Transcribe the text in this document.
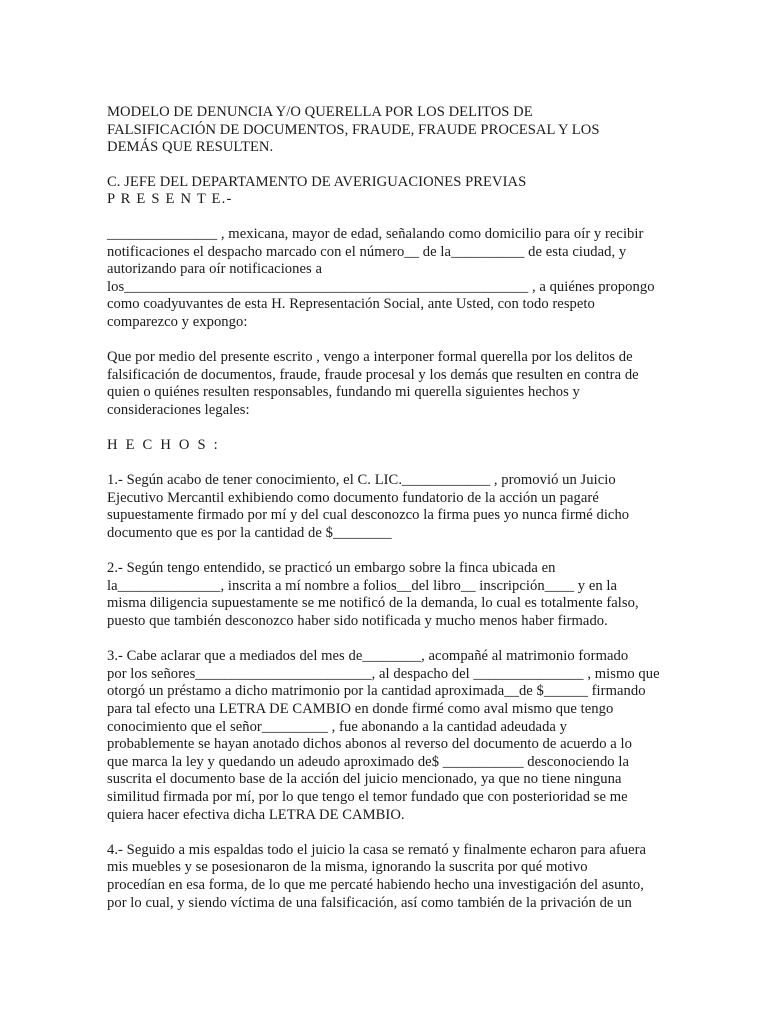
MODELO DE DENUNCIA Y/O QUERELLA POR LOS DELITOS DE
FALSIFICACIÓN DE DOCUMENTOS, FRAUDE, FRAUDE PROCESAL Y LOS
DEMÁS QUE RESULTEN.
C. JEFE DEL DEPARTAMENTO DE AVERIGUACIONES PREVIAS
P R E S E N T E.-
_______________ , mexicana, mayor de edad, señalando como domicilio para oír y recibir
notificaciones el despacho marcado con el número__ de la__________ de esta ciudad, y
autorizando para oír notificaciones a
los_______________________________________________________ , a quiénes propongo
como coadyuvantes de esta H. Representación Social, ante Usted, con todo respeto
comparezco y expongo:
Que por medio del presente escrito , vengo a interponer formal querella por los delitos de
falsificación de documentos, fraude, fraude procesal y los demás que resulten en contra de
quien o quiénes resulten responsables, fundando mi querella siguientes hechos y
consideraciones legales:
H E C H O S :
1.- Según acabo de tener conocimiento, el C. LIC.____________ , promovió un Juicio
Ejecutivo Mercantil exhibiendo como documento fundatorio de la acción un pagaré
supuestamente firmado por mí y del cual desconozco la firma pues yo nunca firmé dicho
documento que es por la cantidad de $________
2.- Según tengo entendido, se practicó un embargo sobre la finca ubicada en
la______________, inscrita a mí nombre a folios__del libro__ inscripción____ y en la
misma diligencia supuestamente se me notificó de la demanda, lo cual es totalmente falso,
puesto que también desconozco haber sido notificada y mucho menos haber firmado.
3.- Cabe aclarar que a mediados del mes de________, acompañé al matrimonio formado
por los señores________________________, al despacho del _______________ , mismo que
otorgó un préstamo a dicho matrimonio por la cantidad aproximada__de $______ firmando
para tal efecto una LETRA DE CAMBIO en donde firmé como aval mismo que tengo
conocimiento que el señor_________ , fue abonando a la cantidad adeudada y
probablemente se hayan anotado dichos abonos al reverso del documento de acuerdo a lo
que marca la ley y quedando un adeudo aproximado de$ ___________ desconociendo la
suscrita el documento base de la acción del juicio mencionado, ya que no tiene ninguna
similitud firmada por mí, por lo que tengo el temor fundado que con posterioridad se me
quiera hacer efectiva dicha LETRA DE CAMBIO.
4.- Seguido a mis espaldas todo el juicio la casa se remató y finalmente echaron para afuera
mis muebles y se posesionaron de la misma, ignorando la suscrita por qué motivo
procedían en esa forma, de lo que me percaté habiendo hecho una investigación del asunto,
por lo cual, y siendo víctima de una falsificación, así como también de la privación de un
